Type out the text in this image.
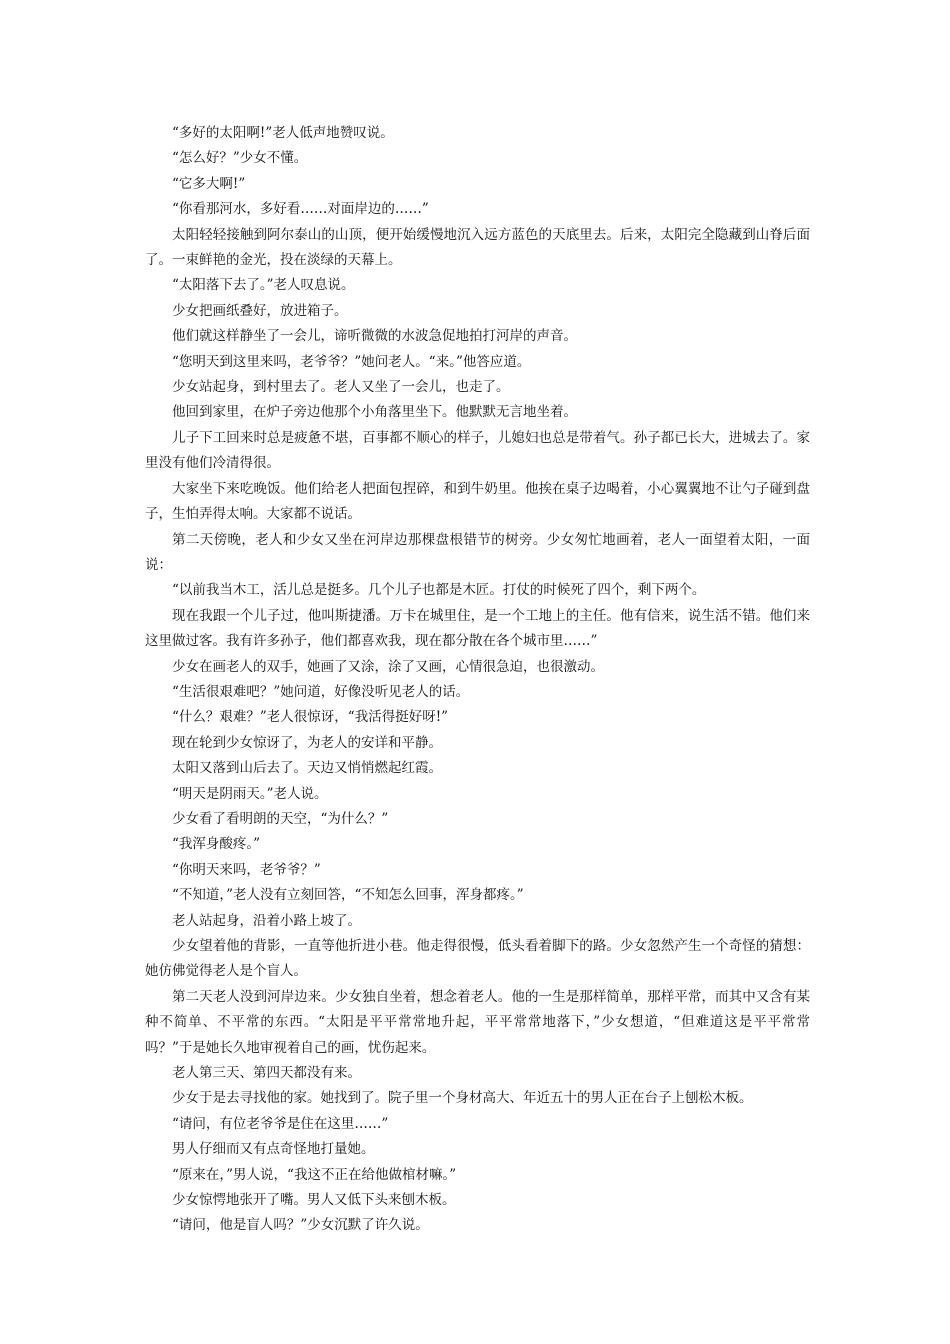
“多好的太阳啊!”老人低声地赞叹说。

“怎么好？”少女不懂。

“它多大啊!”

“你看那河水，多好看……对面岸边的……”

太阳轻轻接触到阿尔泰山的山顶，便开始缓慢地沉入远方蓝色的天底里去。后来，太阳完全隐藏到山脊后面了。一束鲜艳的金光，投在淡绿的天幕上。

“太阳落下去了。”老人叹息说。

少女把画纸叠好，放进箱子。

他们就这样静坐了一会儿，谛听微微的水波急促地拍打河岸的声音。

“您明天到这里来吗，老爷爷？”她问老人。“来。”他答应道。

少女站起身，到村里去了。老人又坐了一会儿，也走了。

他回到家里，在炉子旁边他那个小角落里坐下。他默默无言地坐着。

儿子下工回来时总是疲惫不堪，百事都不顺心的样子，儿媳妇也总是带着气。孙子都已长大，进城去了。家里没有他们冷清得很。

大家坐下来吃晚饭。他们给老人把面包捏碎，和到牛奶里。他挨在桌子边喝着，小心翼翼地不让勺子碰到盘子，生怕弄得太响。大家都不说话。

第二天傍晚，老人和少女又坐在河岸边那棵盘根错节的树旁。少女匆忙地画着，老人一面望着太阳，一面说：

“以前我当木工，活儿总是挺多。几个儿子也都是木匠。打仗的时候死了四个，剩下两个。

现在我跟一个儿子过，他叫斯捷潘。万卡在城里住，是一个工地上的主任。他有信来，说生活不错。他们来这里做过客。我有许多孙子，他们都喜欢我，现在都分散在各个城市里……”

少女在画老人的双手，她画了又涂，涂了又画，心情很急迫，也很激动。

“生活很艰难吧？”她问道，好像没听见老人的话。

“什么？艰难？”老人很惊讶，“我活得挺好呀!”

现在轮到少女惊讶了，为老人的安详和平静。

太阳又落到山后去了。天边又悄悄燃起红霞。

“明天是阴雨天。”老人说。

少女看了看明朗的天空，“为什么？”

“我浑身酸疼。”

“你明天来吗，老爷爷？”

“不知道，”老人没有立刻回答，“不知怎么回事，浑身都疼。”

老人站起身，沿着小路上坡了。

少女望着他的背影，一直等他折进小巷。他走得很慢，低头看着脚下的路。少女忽然产生一个奇怪的猜想：她仿佛觉得老人是个盲人。

第二天老人没到河岸边来。少女独自坐着，想念着老人。他的一生是那样简单，那样平常，而其中又含有某种不简单、不平常的东西。“太阳是平平常常地升起，平平常常地落下，”少女想道，“但难道这是平平常常吗？”于是她长久地审视着自己的画，忧伤起来。

老人第三天、第四天都没有来。

少女于是去寻找他的家。她找到了。院子里一个身材高大、年近五十的男人正在台子上刨松木板。

“请问，有位老爷爷是住在这里……”

男人仔细而又有点奇怪地打量她。

“原来在，”男人说，“我这不正在给他做棺材嘛。”

少女惊愕地张开了嘴。男人又低下头来刨木板。

“请问，他是盲人吗？”少女沉默了许久说。
